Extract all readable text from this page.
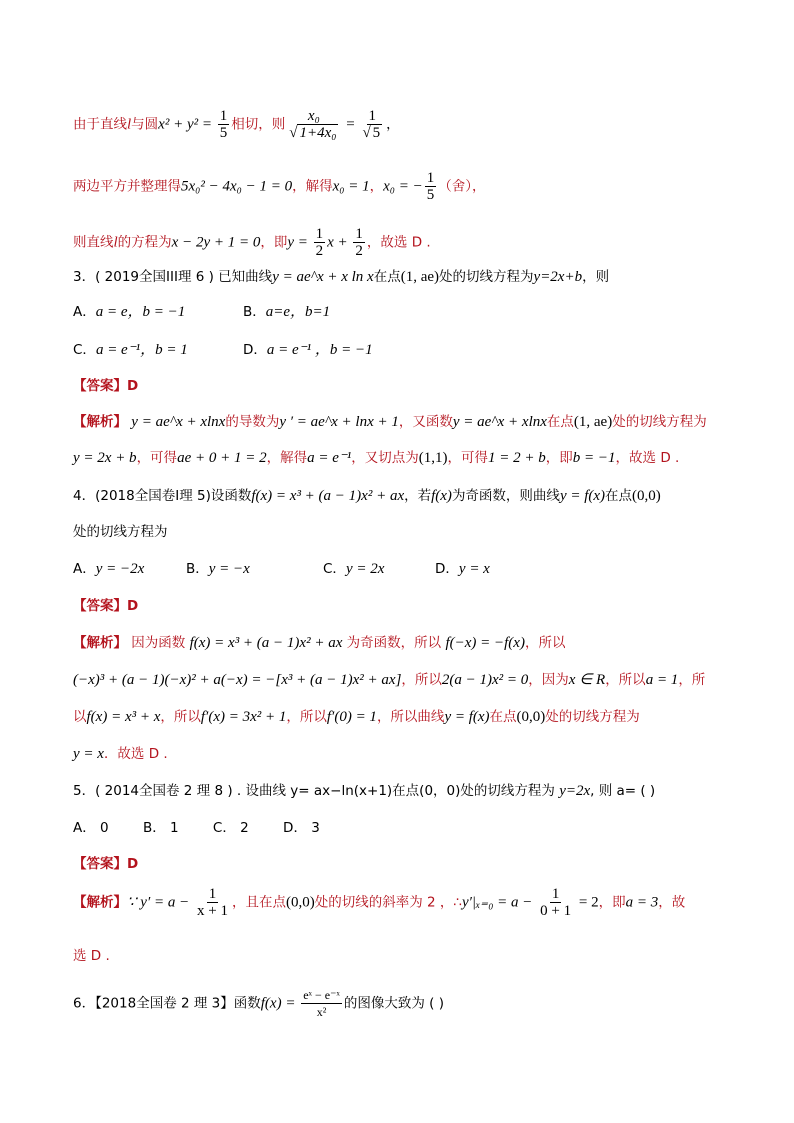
由于直线l与圆$x^2 + y^2 = \frac{1}{5}$ 相切，则 $\frac{\text{x₀}}{\text{√ 1+4x₀}} = \frac{1}{√ 5}$ ，
两边平方并整理得5x₀² − 4x₀ − 1 = 0，解得x₀ = 1，x₀ = − $\frac{1}{5}$ （舍），
则直线l的方程为x − 2y + 1 = 0，即$y = \frac{1}{2}$ $x + \frac{1}{2}$ ，故选 D .
3．( 2019全国III理 6 ) 已知曲线y = ae^x + x ln x在点(1, ae)处的切线方程为y=2x+b，则
A．a = e，b = −1	B．a=e，b=1
C．a = e⁻¹，b = 1	D．a = e⁻¹ ，b = −1
【答案】D
【解析】 y = ae^x + xlnx的导数为y ′ = ae^x + lnx + 1，又函数y = ae^x + xlnx在点(1, ae)处的切线方程为
y = 2x + b，可得ae + 0 + 1 = 2，解得a = e⁻¹，又切点为(1,1)，可得1 = 2 + b，即b = −1，故选 D .
4．(2018全国卷I理 5)设函数f(x) = x³ + (a − 1)x² + ax，若f(x)为奇函数，则曲线y = f(x)在点(0,0)
处的切线方程为
A．y = −2x	B．y = −x	C．y = 2x	D．y = x
【答案】D
【解析】 因为函数 f(x) = x³ + (a − 1)x² + ax 为奇函数，所以 f(−x) = −f(x)，所以
(−x)³ + (a − 1)(−x)² + a(−x) = −[x³ + (a − 1)x² + ax]，所以2(a − 1)x² = 0，因为x ∈ R，所以a = 1，所
以f(x) = x³ + x，所以f′(x) = 3x² + 1，所以f′(0) = 1，所以曲线y = f(x)在点(0,0)处的切线方程为
y = x．故选 D .
5．( 2014全国卷 2 理 8 ) . 设曲线 y= ax−ln(x+1)在点(0，0)处的切线方程为 y=2x, 则 a= ( )
A． 0        B． 1        C． 2        D． 3
【答案】D
【解析】∵ $y' = a - \frac{1}{x + 1}$ ，且在点(0,0)处的切线的斜率为 2 ，∴y′|ₓ₌₀ = $a - \frac{1}{0 + 1} = 2$，即a = 3，故
选 D .
6．【2018全国卷 2 理 3】函数$f(x) = \frac{\text{eˣ − e⁻ˣ}}{\text{x²}}$ 的图像大致为 ( )
